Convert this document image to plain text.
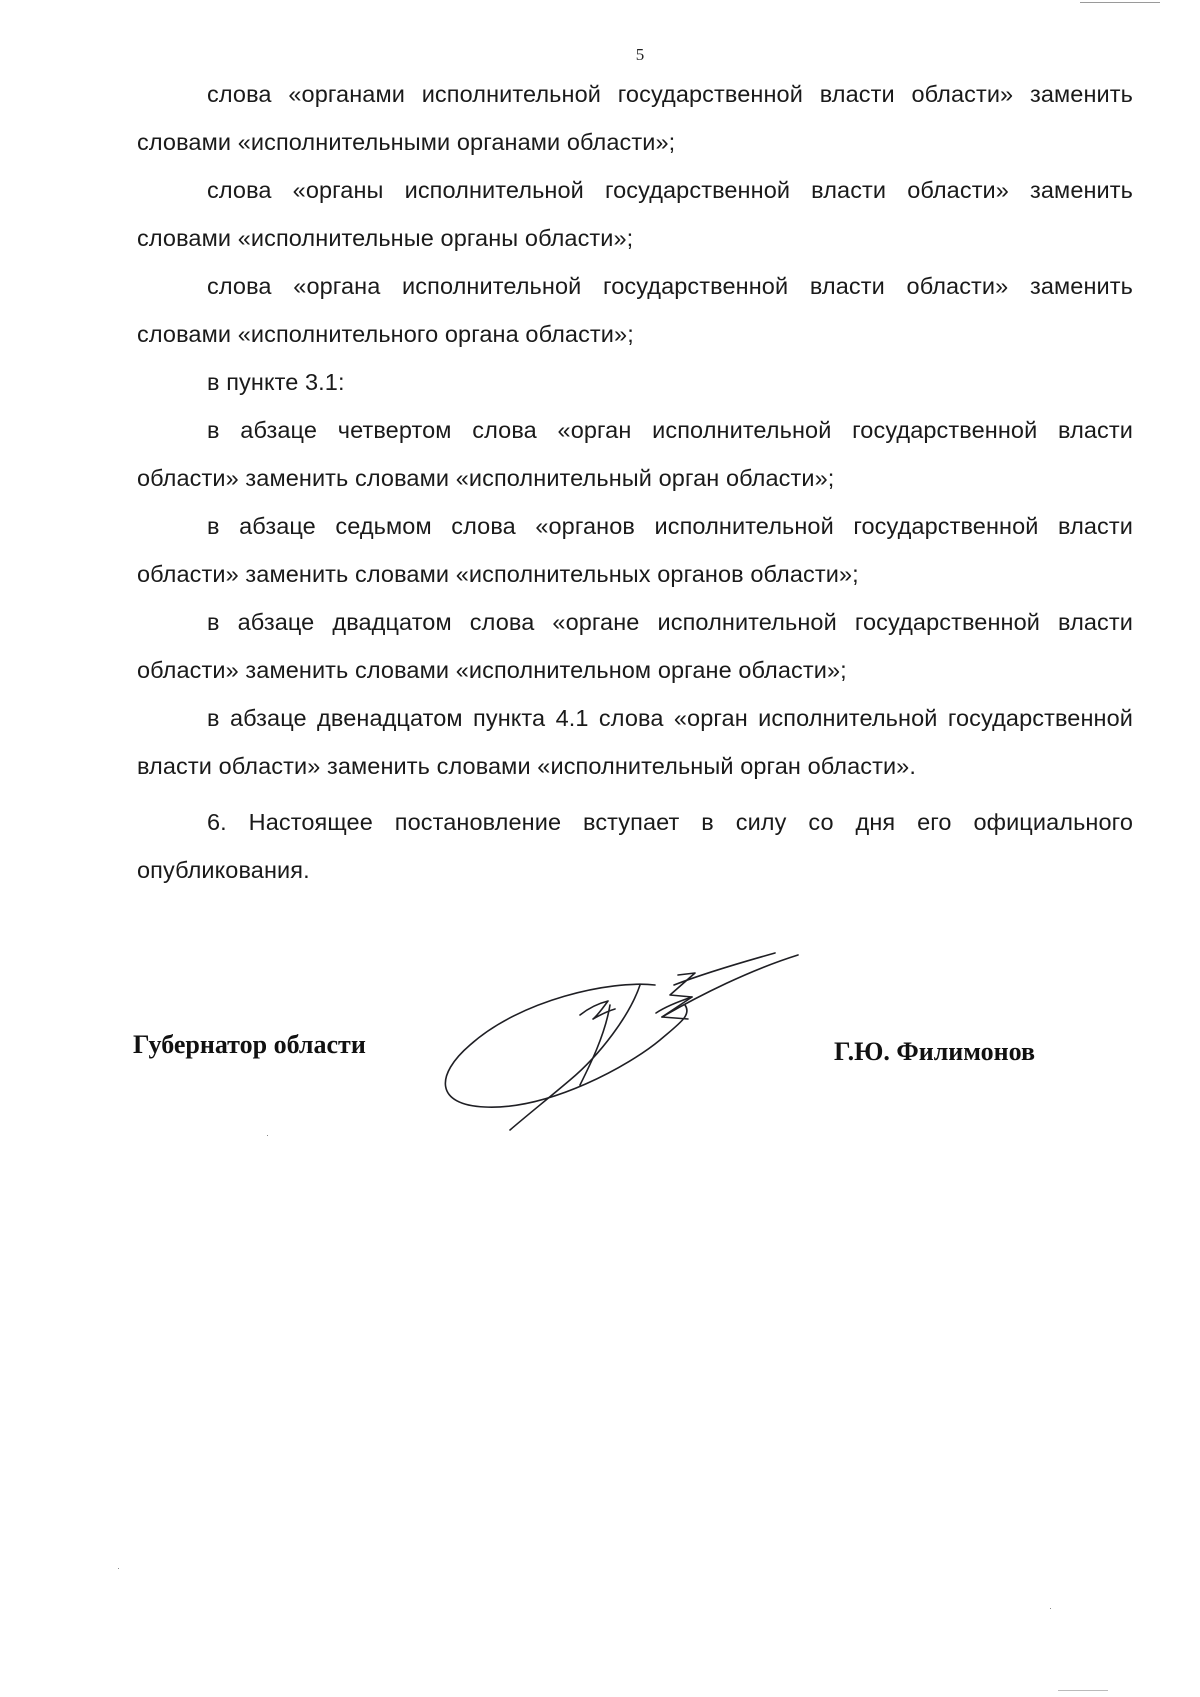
5

слова «органами исполнительной государственной власти области» заменить словами «исполнительными органами области»;

слова «органы исполнительной государственной власти области» заменить словами «исполнительные органы области»;

слова «органа исполнительной государственной власти области» заменить словами «исполнительного органа области»;

в пункте 3.1:

в абзаце четвертом слова «орган исполнительной государственной власти области» заменить словами «исполнительный орган области»;

в абзаце седьмом слова «органов исполнительной государственной власти области» заменить словами «исполнительных органов области»;

в абзаце двадцатом слова «органе исполнительной государственной власти области» заменить словами «исполнительном органе области»;

в абзаце двенадцатом пункта 4.1 слова «орган исполнительной государственной власти области» заменить словами «исполнительный орган области».

6. Настоящее постановление вступает в силу со дня его официального опубликования.

Губернатор области	Г.Ю. Филимонов
